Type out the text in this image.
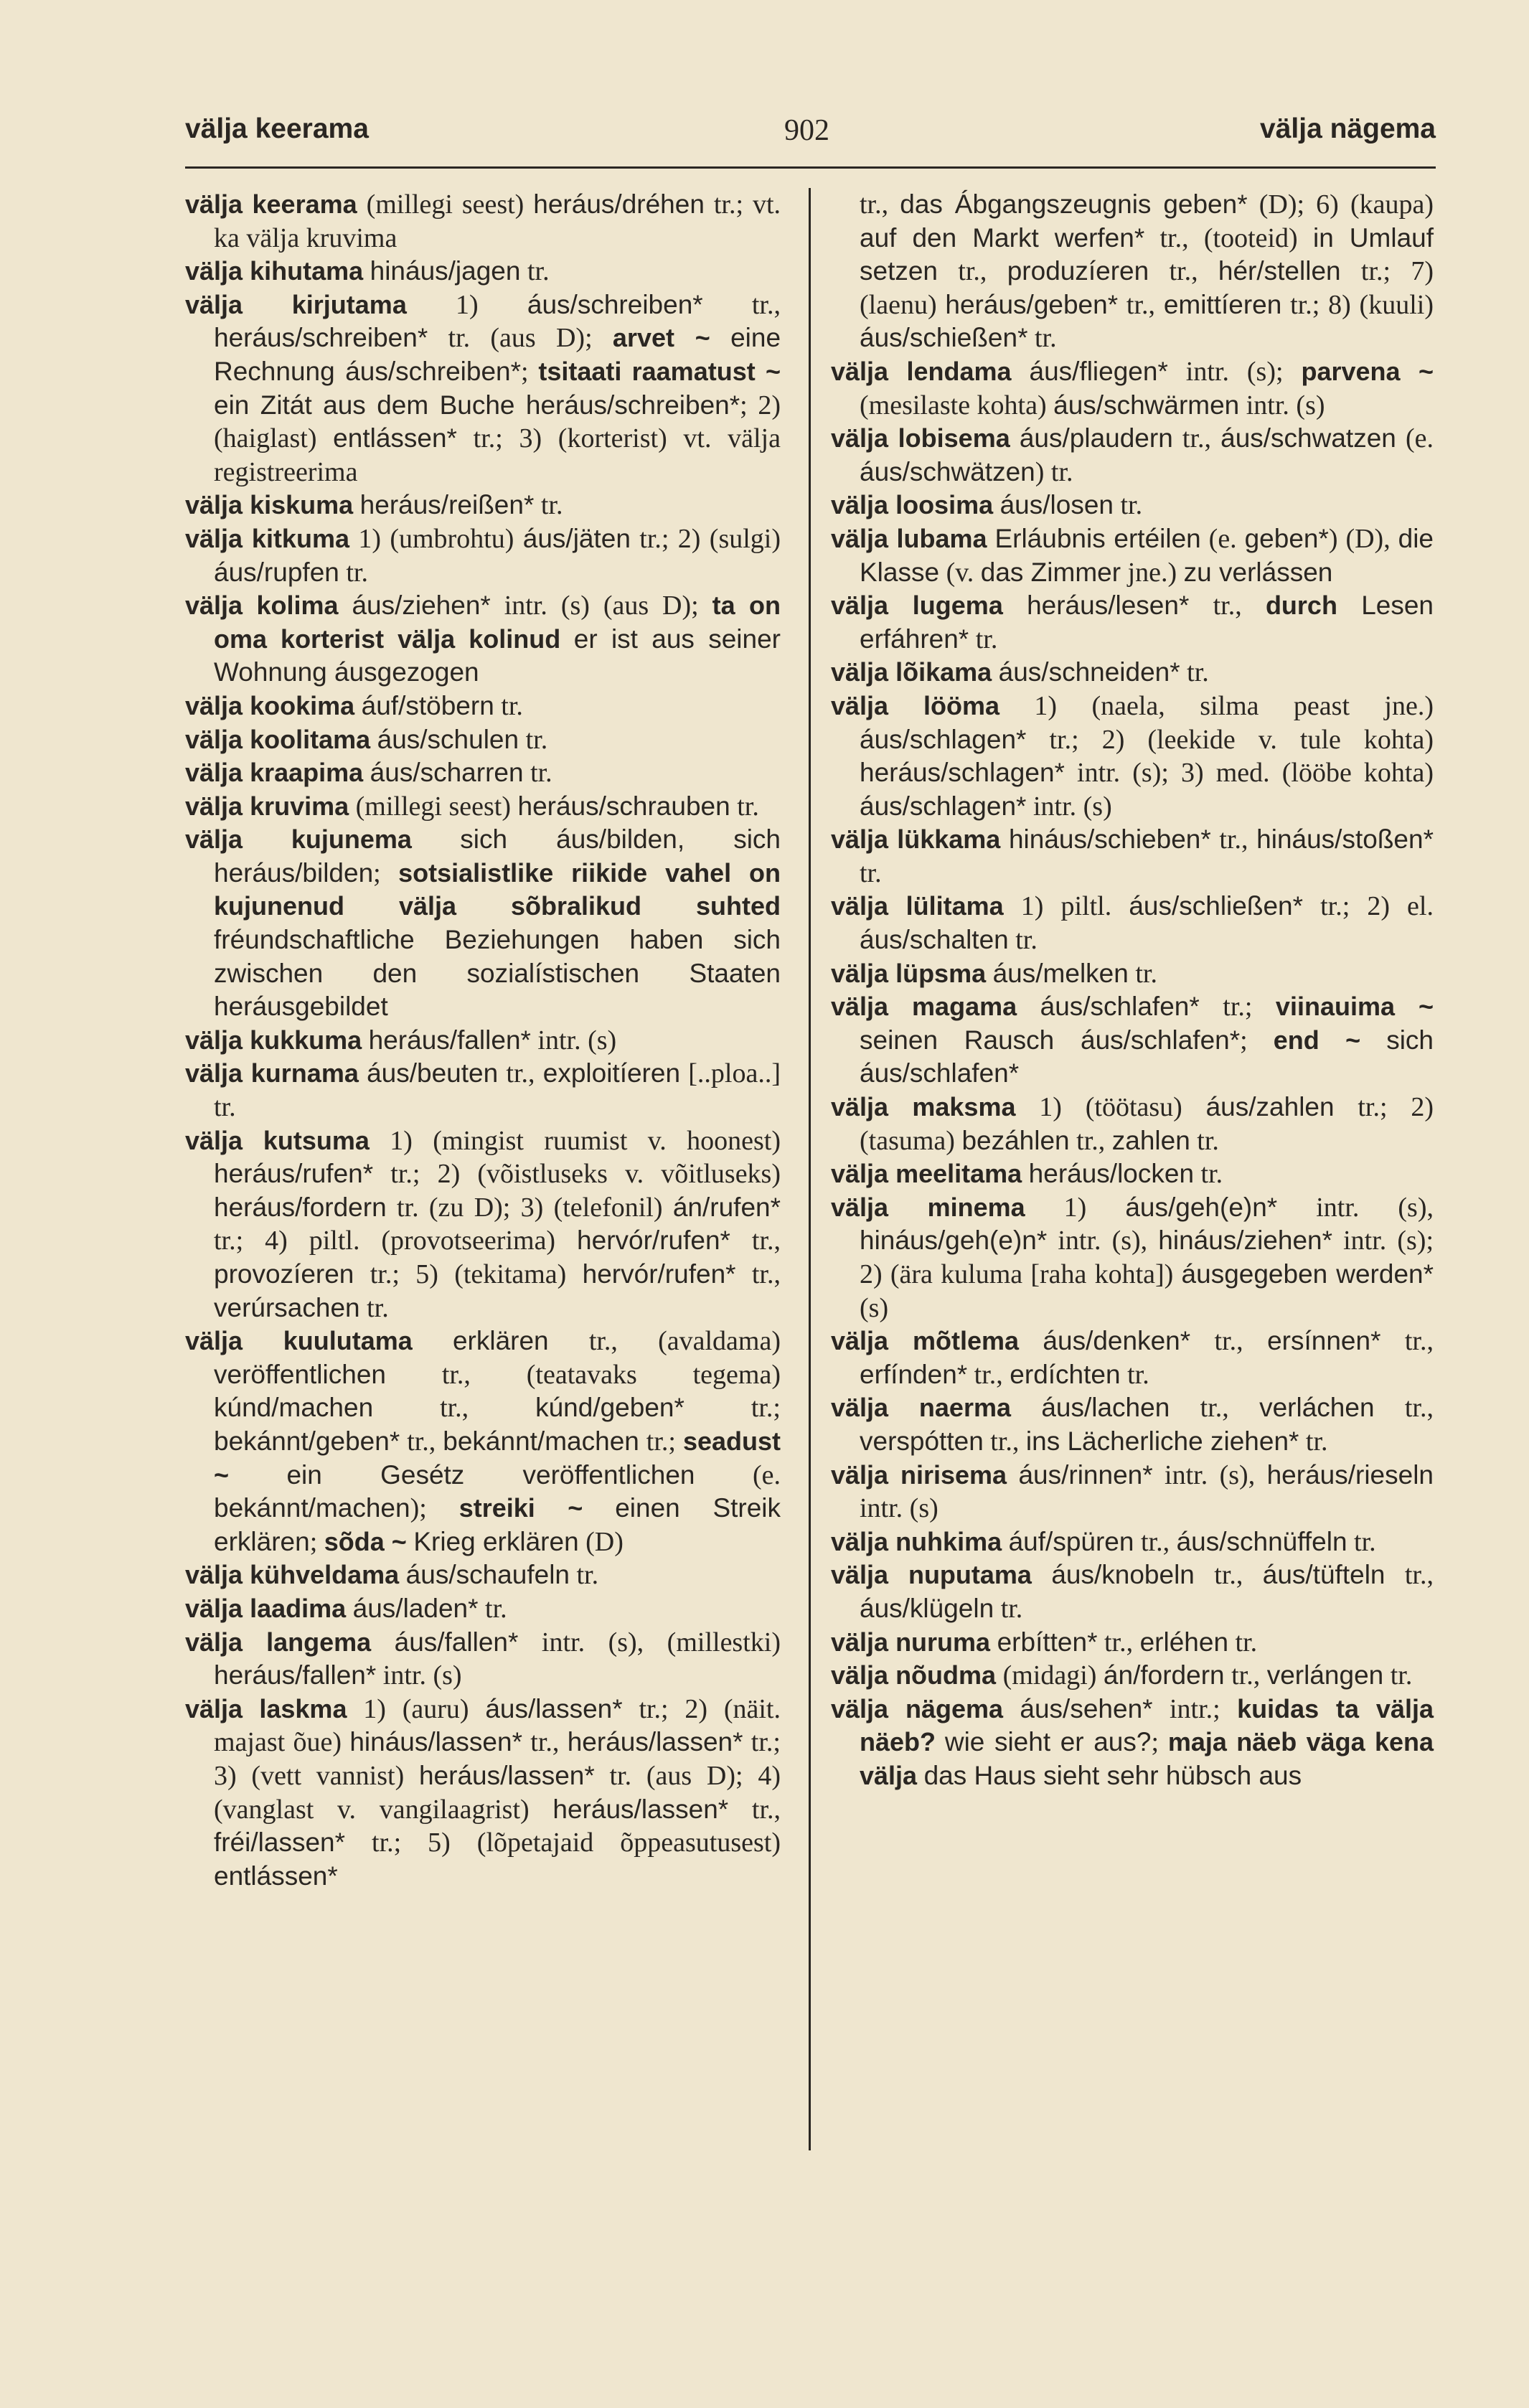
välja keerama	902	välja nägema

välja keerama (millegi seest) heráus/dréhen tr.; vt. ka välja kruvima

välja kihutama hináus/jagen tr.

välja kirjutama 1) áus/schreiben* tr., heráus/schreiben* tr. (aus D); arvet ~ eine Rechnung áus/schreiben*; tsitaati raamatust ~ ein Zitát aus dem Buche heráus/schreiben*; 2) (haiglast) entlássen* tr.; 3) (korterist) vt. välja registreerima

välja kiskuma heráus/reißen* tr.

välja kitkuma 1) (umbrohtu) áus/jäten tr.; 2) (sulgi) áus/rupfen tr.

välja kolima áus/ziehen* intr. (s) (aus D); ta on oma korterist välja kolinud er ist aus seiner Wohnung áusgezogen

välja kookima áuf/stöbern tr.

välja koolitama áus/schulen tr.

välja kraapima áus/scharren tr.

välja kruvima (millegi seest) heráus/schrauben tr.

välja kujunema sich áus/bilden, sich heráus/bilden; sotsialistlike riikide vahel on kujunenud välja sõbralikud suhted fréundschaftliche Beziehungen haben sich zwischen den sozialístischen Staaten heráusgebildet

välja kukkuma heráus/fallen* intr. (s)

välja kurnama áus/beuten tr., exploitíeren [..ploa..] tr.

välja kutsuma 1) (mingist ruumist v. hoonest) heráus/rufen* tr.; 2) (võistluseks v. võitluseks) heráus/fordern tr. (zu D); 3) (telefonil) án/rufen* tr.; 4) piltl. (provotseerima) hervór/rufen* tr., provozíeren tr.; 5) (tekitama) hervór/rufen* tr., verúrsachen tr.

välja kuulutama erklären tr., (avaldama) veröffentlichen tr., (teatavaks tegema) kúnd/machen tr., kúnd/geben* tr.; bekánnt/geben* tr., bekánnt/machen tr.; seadust ~ ein Gesétz veröffentlichen (e. bekánnt/machen); streiki ~ einen Streik erklären; sõda ~ Krieg erklären (D)

välja kühveldama áus/schaufeln tr.

välja laadima áus/laden* tr.

välja langema áus/fallen* intr. (s), (millestki) heráus/fallen* intr. (s)

välja laskma 1) (auru) áus/lassen* tr.; 2) (näit. majast õue) hináus/lassen* tr., heráus/lassen* tr.; 3) (vett vannist) heráus/lassen* tr. (aus D); 4) (vanglast v. vangilaagrist) heráus/lassen* tr., fréi/lassen* tr.; 5) (lõpetajaid õppeasutusest) entlássen*

tr., das Ábgangszeugnis geben* (D); 6) (kaupa) auf den Markt werfen* tr., (tooteid) in Umlauf setzen tr., produzíeren tr., hér/stellen tr.; 7) (laenu) heráus/geben* tr., emittíeren tr.; 8) (kuuli) áus/schießen* tr.

välja lendama áus/fliegen* intr. (s); parvena ~ (mesilaste kohta) áus/schwärmen intr. (s)

välja lobisema áus/plaudern tr., áus/schwatzen (e. áus/schwätzen) tr.

välja loosima áus/losen tr.

välja lubama Erláubnis ertéilen (e. geben*) (D), die Klasse (v. das Zimmer jne.) zu verlássen

välja lugema heráus/lesen* tr., durch Lesen erfáhren* tr.

välja lõikama áus/schneiden* tr.

välja lööma 1) (naela, silma peast jne.) áus/schlagen* tr.; 2) (leekide v. tule kohta) heráus/schlagen* intr. (s); 3) med. (lööbe kohta) áus/schlagen* intr. (s)

välja lükkama hináus/schieben* tr., hináus/stoßen* tr.

välja lülitama 1) piltl. áus/schließen* tr.; 2) el. áus/schalten tr.

välja lüpsma áus/melken tr.

välja magama áus/schlafen* tr.; viinauima ~ seinen Rausch áus/schlafen*; end ~ sich áus/schlafen*

välja maksma 1) (töötasu) áus/zahlen tr.; 2) (tasuma) bezáhlen tr., zahlen tr.

välja meelitama heráus/locken tr.

välja minema 1) áus/geh(e)n* intr. (s), hináus/geh(e)n* intr. (s), hináus/ziehen* intr. (s); 2) (ära kuluma [raha kohta]) áusgegeben werden* (s)

välja mõtlema áus/denken* tr., ersínnen* tr., erfínden* tr., erdíchten tr.

välja naerma áus/lachen tr., verláchen tr., verspótten tr., ins Lächerliche ziehen* tr.

välja nirisema áus/rinnen* intr. (s), heráus/rieseln intr. (s)

välja nuhkima áuf/spüren tr., áus/schnüffeln tr.

välja nuputama áus/knobeln tr., áus/tüfteln tr., áus/klügeln tr.

välja nuruma erbítten* tr., erléhen tr.

välja nõudma (midagi) án/fordern tr., verlángen tr.

välja nägema áus/sehen* intr.; kuidas ta välja näeb? wie sieht er aus?; maja näeb väga kena välja das Haus sieht sehr hübsch aus
